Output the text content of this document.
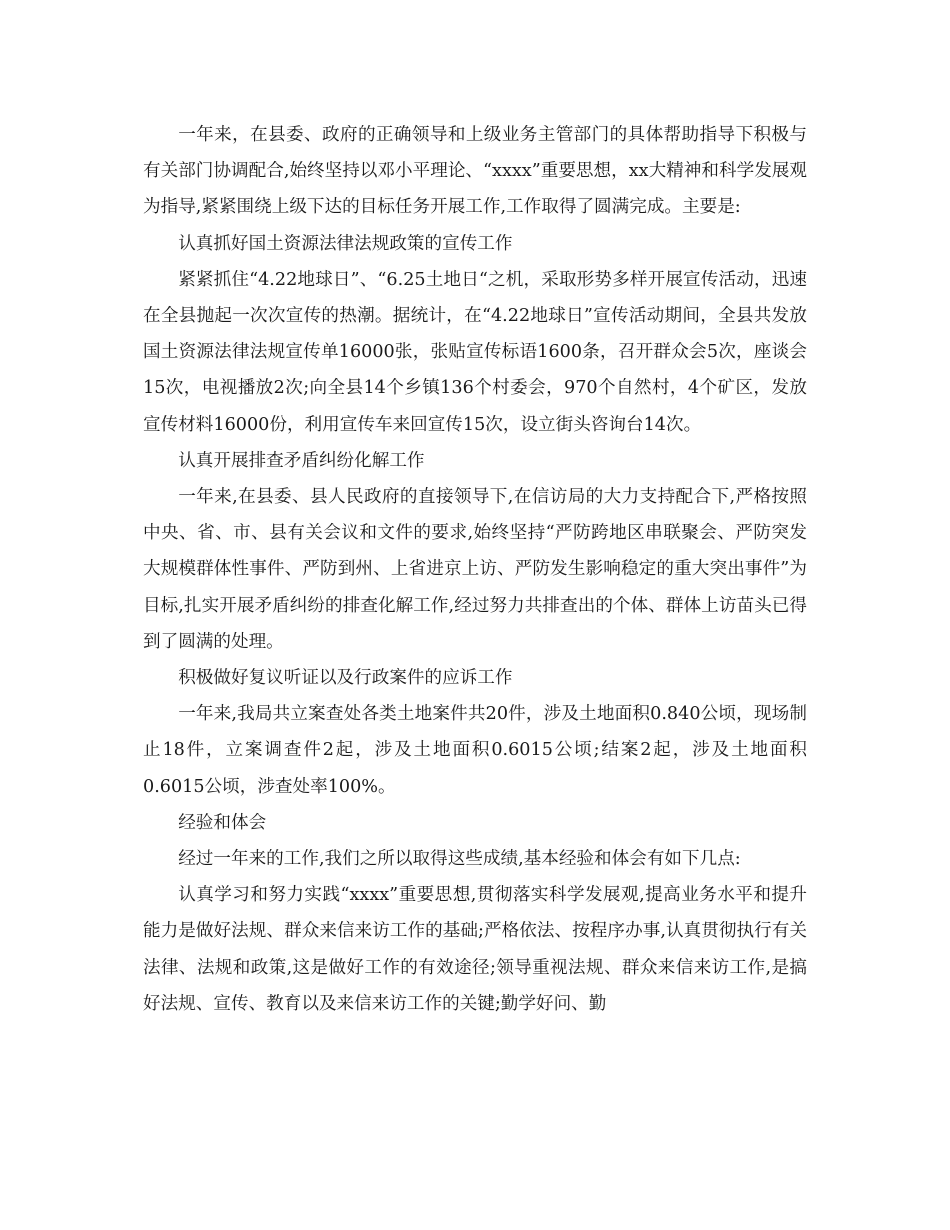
一年来，在县委、政府的正确领导和上级业务主管部门的具体帮助指导下积极与有关部门协调配合,始终坚持以邓小平理论、“xxxx”重要思想，xx大精神和科学发展观为指导,紧紧围绕上级下达的目标任务开展工作,工作取得了圆满完成。主要是:

认真抓好国土资源法律法规政策的宣传工作

紧紧抓住“4.22地球日”、“6.25土地日“之机，采取形势多样开展宣传活动，迅速在全县抛起一次次宣传的热潮。据统计，在“4.22地球日”宣传活动期间，全县共发放国土资源法律法规宣传单16000张，张贴宣传标语1600条，召开群众会5次，座谈会15次，电视播放2次;向全县14个乡镇136个村委会，970个自然村，4个矿区，发放宣传材料16000份，利用宣传车来回宣传15次，设立街头咨询台14次。

认真开展排查矛盾纠纷化解工作

一年来,在县委、县人民政府的直接领导下,在信访局的大力支持配合下,严格按照中央、省、市、县有关会议和文件的要求,始终坚持“严防跨地区串联聚会、严防突发大规模群体性事件、严防到州、上省进京上访、严防发生影响稳定的重大突出事件”为目标,扎实开展矛盾纠纷的排查化解工作,经过努力共排查出的个体、群体上访苗头已得到了圆满的处理。

积极做好复议听证以及行政案件的应诉工作

一年来,我局共立案查处各类土地案件共20件，涉及土地面积0.840公顷，现场制止18件，立案调查件2起，涉及土地面积0.6015公顷;结案2起，涉及土地面积0.6015公顷，涉查处率100%。

经验和体会

经过一年来的工作,我们之所以取得这些成绩,基本经验和体会有如下几点:

认真学习和努力实践“xxxx”重要思想,贯彻落实科学发展观,提高业务水平和提升能力是做好法规、群众来信来访工作的基础;严格依法、按程序办事,认真贯彻执行有关法律、法规和政策,这是做好工作的有效途径;领导重视法规、群众来信来访工作,是搞好法规、宣传、教育以及来信来访工作的关键;勤学好问、勤
